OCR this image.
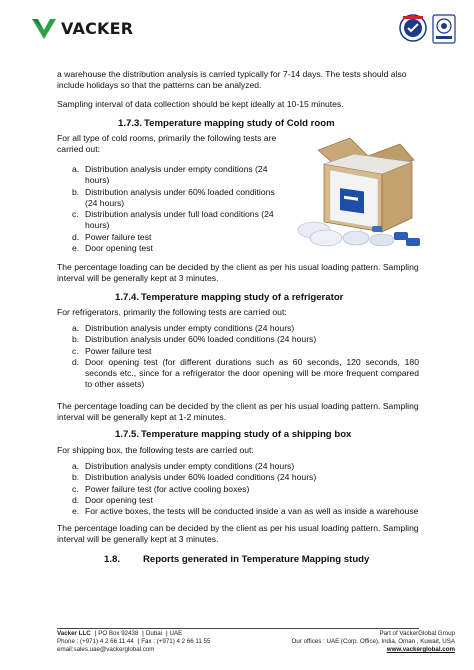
VACKER

a warehouse the distribution analysis is carried typically for 7-14 days. The tests should also include holidays so that the patterns can be analyzed.

Sampling interval of data collection should be kept ideally at 10-15 minutes.

1.7.3. Temperature mapping study of Cold room

For all type of cold rooms, primarily the following tests are carried out:

a. Distribution analysis under empty conditions (24 hours)
b. Distribution analysis under 60% loaded conditions (24 hours)
c. Distribution analysis under full load conditions (24 hours)
d. Power failure test
e. Door opening test

The percentage loading can be decided by the client as per his usual loading pattern. Sampling interval will be generally kept at 3 minutes.

1.7.4. Temperature mapping study of a refrigerator

For refrigerators, primarily the following tests are carried out:

a. Distribution analysis under empty conditions (24 hours)
b. Distribution analysis under 60% loaded conditions (24 hours)
c. Power failure test
d. Door opening test (for different durations such as 60 seconds, 120 seconds, 180 seconds etc., since for a refrigerator the door opening will be more frequent compared to other assets)

The percentage loading can be decided by the client as per his usual loading pattern. Sampling interval will be generally kept at 1-2 minutes.

1.7.5. Temperature mapping study of a shipping box

For shipping box, the following tests are carried out:

a. Distribution analysis under empty conditions (24 hours)
b. Distribution analysis under 60% loaded conditions (24 hours)
c. Power failure test (for active cooling boxes)
d. Door opening test
e. For active boxes, the tests will be conducted inside a van as well as inside a warehouse

The percentage loading can be decided by the client as per his usual loading pattern. Sampling interval will be generally kept at 3 minutes.

1.8. Reports generated in Temperature Mapping study
Vacker LLC | PO Box 92438 | Dubai | UAE
Phone : (+971) 4 2 66 11 44 | Fax : (+971) 4 2 66 11 55
email:sales.uae@vackerglobal.com
Part of VackerGlobal Group
Our offices : UAE (Corp. Office), India, Oman , Kuwait, USA
www.vackerglobal.com
